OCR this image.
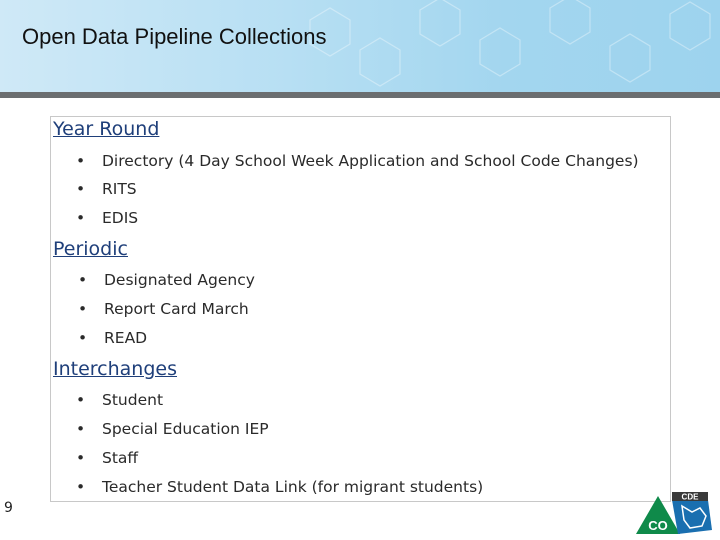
Open Data Pipeline Collections
Year Round
• Directory (4 Day School Week Application and School Code Changes)
• RITS
• EDIS
Periodic
• Designated Agency
• Report Card March
• READ
Interchanges
• Student
• Special Education IEP
• Staff
• Teacher Student Data Link (for migrant students)
9
CDE
CO
